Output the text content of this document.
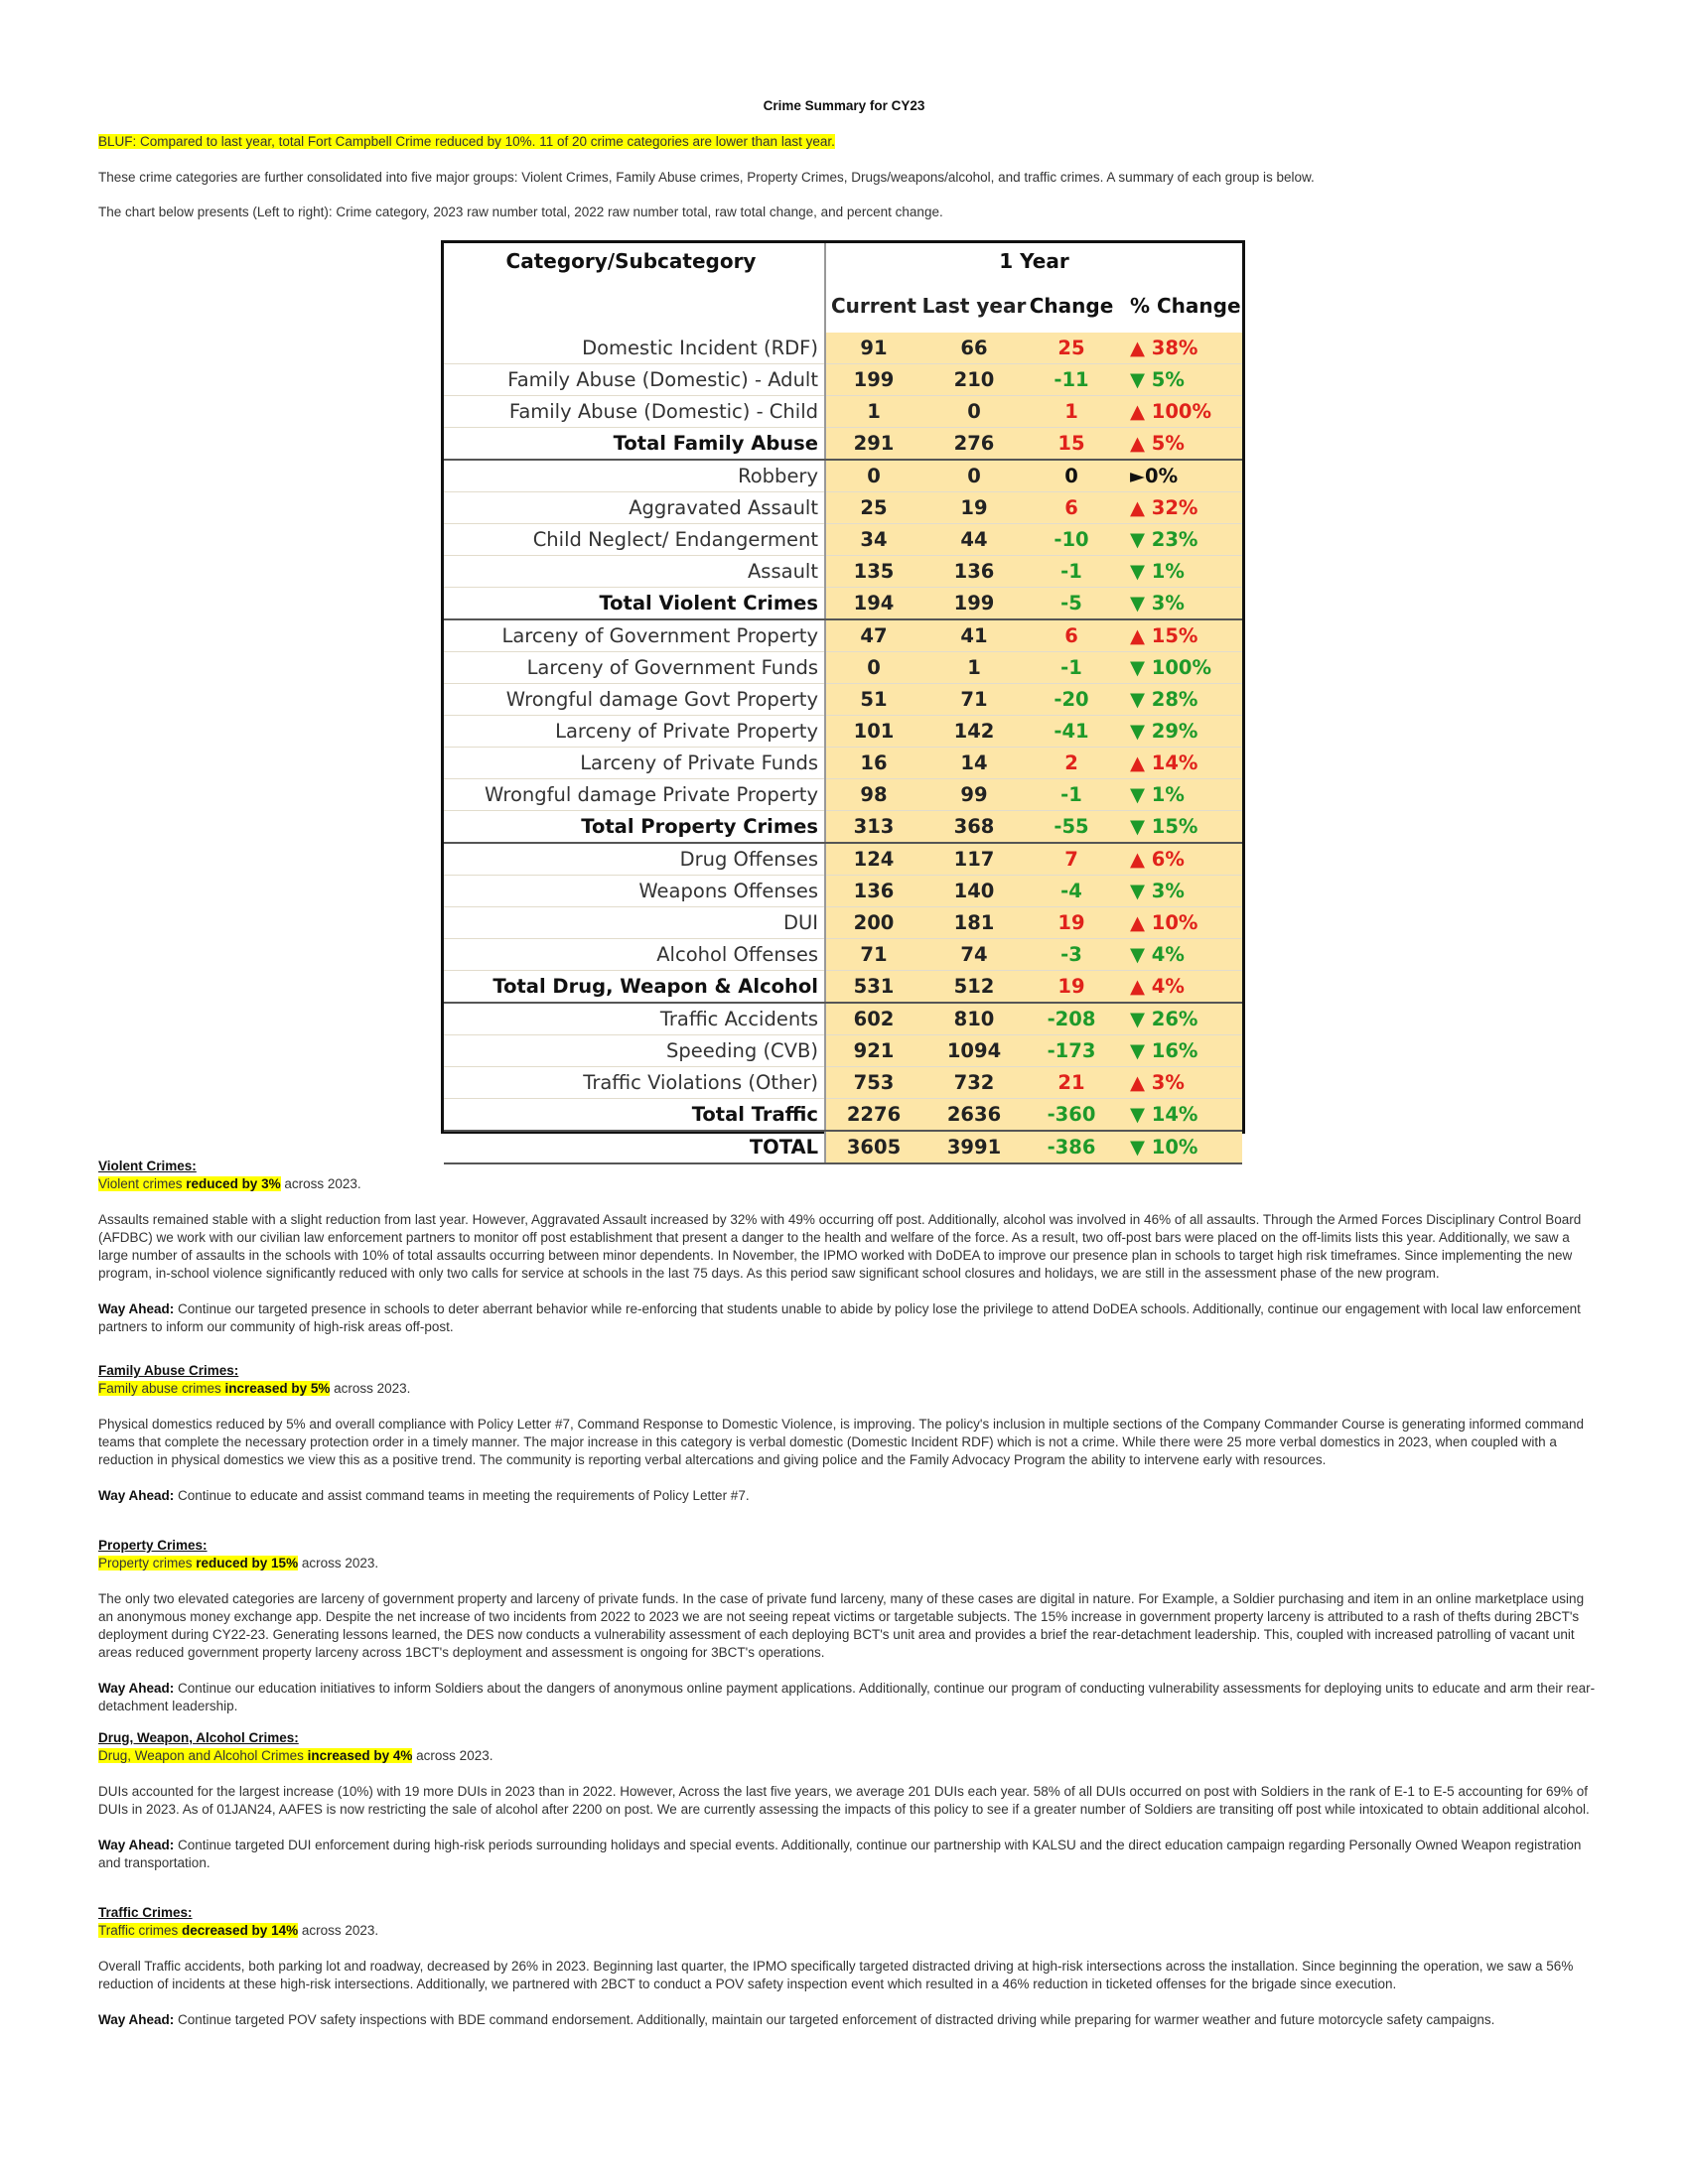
Crime Summary for CY23
BLUF: Compared to last year, total Fort Campbell Crime reduced by 10%. 11 of 20 crime categories are lower than last year.
These crime categories are further consolidated into five major groups: Violent Crimes, Family Abuse crimes, Property Crimes, Drugs/weapons/alcohol, and traffic crimes. A summary of each group is below.
The chart below presents (Left to right): Crime category, 2023 raw number total, 2022 raw number total, raw total change, and percent change.
Category/Subcategory	1 Year			
	Current	Last year	Change	% Change
Domestic Incident (RDF)	91	66	25	▲ 38%
Family Abuse (Domestic) - Adult	199	210	-11	▼ 5%
Family Abuse (Domestic) - Child	1	0	1	▲ 100%
Total Family Abuse	291	276	15	▲ 5%
Robbery	0	0	0	►0%
Aggravated Assault	25	19	6	▲ 32%
Child Neglect/ Endangerment	34	44	-10	▼ 23%
Assault	135	136	-1	▼ 1%
Total Violent Crimes	194	199	-5	▼ 3%
Larceny of Government Property	47	41	6	▲ 15%
Larceny of Government Funds	0	1	-1	▼ 100%
Wrongful damage Govt Property	51	71	-20	▼ 28%
Larceny of Private Property	101	142	-41	▼ 29%
Larceny of Private Funds	16	14	2	▲ 14%
Wrongful damage Private Property	98	99	-1	▼ 1%
Total Property Crimes	313	368	-55	▼ 15%
Drug Offenses	124	117	7	▲ 6%
Weapons Offenses	136	140	-4	▼ 3%
DUI	200	181	19	▲ 10%
Alcohol Offenses	71	74	-3	▼ 4%
Total Drug, Weapon & Alcohol	531	512	19	▲ 4%
Traffic Accidents	602	810	-208	▼ 26%
Speeding (CVB)	921	1094	-173	▼ 16%
Traffic Violations (Other)	753	732	21	▲ 3%
Total Traffic	2276	2636	-360	▼ 14%
TOTAL	3605	3991	-386	▼ 10%
Violent Crimes:
Violent crimes reduced by 3% across 2023.
Assaults remained stable with a slight reduction from last year. However, Aggravated Assault increased by 32% with 49% occurring off post. Additionally, alcohol was involved in 46% of all assaults. Through the Armed Forces Disciplinary Control Board (AFDBC) we work with our civilian law enforcement partners to monitor off post establishment that present a danger to the health and welfare of the force. As a result, two off-post bars were placed on the off-limits lists this year. Additionally, we saw a large number of assaults in the schools with 10% of total assaults occurring between minor dependents. In November, the IPMO worked with DoDEA to improve our presence plan in schools to target high risk timeframes. Since implementing the new program, in-school violence significantly reduced with only two calls for service at schools in the last 75 days. As this period saw significant school closures and holidays, we are still in the assessment phase of the new program.
Way Ahead: Continue our targeted presence in schools to deter aberrant behavior while re-enforcing that students unable to abide by policy lose the privilege to attend DoDEA schools. Additionally, continue our engagement with local law enforcement partners to inform our community of high-risk areas off-post.
Family Abuse Crimes:
Family abuse crimes increased by 5% across 2023.
Physical domestics reduced by 5% and overall compliance with Policy Letter #7, Command Response to Domestic Violence, is improving. The policy's inclusion in multiple sections of the Company Commander Course is generating informed command teams that complete the necessary protection order in a timely manner. The major increase in this category is verbal domestic (Domestic Incident RDF) which is not a crime. While there were 25 more verbal domestics in 2023, when coupled with a reduction in physical domestics we view this as a positive trend. The community is reporting verbal altercations and giving police and the Family Advocacy Program the ability to intervene early with resources.
Way Ahead: Continue to educate and assist command teams in meeting the requirements of Policy Letter #7.
Property Crimes:
Property crimes reduced by 15% across 2023.
The only two elevated categories are larceny of government property and larceny of private funds. In the case of private fund larceny, many of these cases are digital in nature. For Example, a Soldier purchasing and item in an online marketplace using an anonymous money exchange app. Despite the net increase of two incidents from 2022 to 2023 we are not seeing repeat victims or targetable subjects. The 15% increase in government property larceny is attributed to a rash of thefts during 2BCT's deployment during CY22-23. Generating lessons learned, the DES now conducts a vulnerability assessment of each deploying BCT's unit area and provides a brief the rear-detachment leadership. This, coupled with increased patrolling of vacant unit areas reduced government property larceny across 1BCT's deployment and assessment is ongoing for 3BCT's operations.
Way Ahead: Continue our education initiatives to inform Soldiers about the dangers of anonymous online payment applications. Additionally, continue our program of conducting vulnerability assessments for deploying units to educate and arm their rear-detachment leadership.
Drug, Weapon, Alcohol Crimes:
Drug, Weapon and Alcohol Crimes increased by 4% across 2023.
DUIs accounted for the largest increase (10%) with 19 more DUIs in 2023 than in 2022. However, Across the last five years, we average 201 DUIs each year. 58% of all DUIs occurred on post with Soldiers in the rank of E-1 to E-5 accounting for 69% of DUIs in 2023. As of 01JAN24, AAFES is now restricting the sale of alcohol after 2200 on post. We are currently assessing the impacts of this policy to see if a greater number of Soldiers are transiting off post while intoxicated to obtain additional alcohol.
Way Ahead: Continue targeted DUI enforcement during high-risk periods surrounding holidays and special events. Additionally, continue our partnership with KALSU and the direct education campaign regarding Personally Owned Weapon registration and transportation.
Traffic Crimes:
Traffic crimes decreased by 14% across 2023.
Overall Traffic accidents, both parking lot and roadway, decreased by 26% in 2023. Beginning last quarter, the IPMO specifically targeted distracted driving at high-risk intersections across the installation. Since beginning the operation, we saw a 56% reduction of incidents at these high-risk intersections. Additionally, we partnered with 2BCT to conduct a POV safety inspection event which resulted in a 46% reduction in ticketed offenses for the brigade since execution.
Way Ahead: Continue targeted POV safety inspections with BDE command endorsement. Additionally, maintain our targeted enforcement of distracted driving while preparing for warmer weather and future motorcycle safety campaigns.
